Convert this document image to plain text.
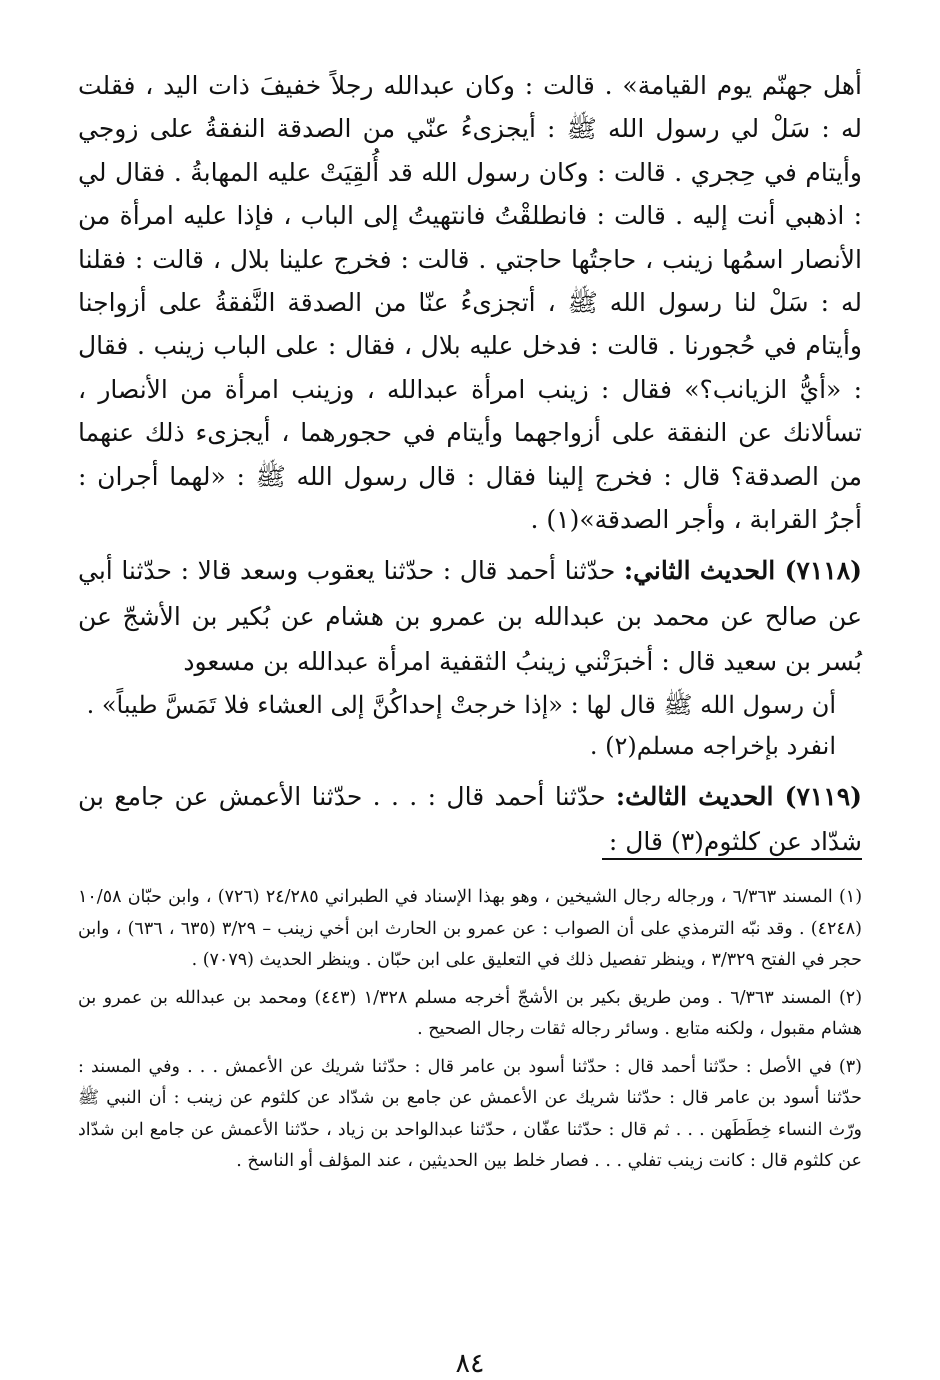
أهل جهنّم يوم القيامة» . قالت : وكان عبدالله رجلاً خفيفَ ذات اليد ، فقلت له : سَلْ لي رسول الله ﷺ : أيجزىءُ عنّي من الصدقة النفقةُ على زوجي وأيتام في حِجري . قالت : وكان رسول الله قد أُلقِيَتْ عليه المهابةُ . فقال لي : اذهبي أنت إليه . قالت : فانطلقْتُ فانتهيتُ إلى الباب ، فإذا عليه امرأة من الأنصار اسمُها زينب ، حاجتُها حاجتي . قالت : فخرج علينا بلال ، قالت : فقلنا له : سَلْ لنا رسول الله ﷺ ، أتجزىءُ عنّا من الصدقة النَّفقةُ على أزواجنا وأيتام في حُجورنا . قالت : فدخل عليه بلال ، فقال : على الباب زينب . فقال : «أيُّ الزيانب؟» فقال : زينب امرأة عبدالله ، وزينب امرأة من الأنصار ، تسألانك عن النفقة على أزواجهما وأيتام في حجورهما ، أيجزىء ذلك عنهما من الصدقة؟ قال : فخرج إلينا فقال : قال رسول الله ﷺ : «لهما أجران : أجرُ القرابة ، وأجر الصدقة»(١) .

(٧١١٨) الحديث الثاني: حدّثنا أحمد قال : حدّثنا يعقوب وسعد قالا : حدّثنا أبي عن صالح عن محمد بن عبدالله بن عمرو بن هشام عن بُكير بن الأشجّ عن بُسر بن سعيد قال : أخبرَتْني زينبُ الثقفية امرأة عبدالله بن مسعود

أن رسول الله ﷺ قال لها : «إذا خرجتْ إحداكُنَّ إلى العشاء فلا تَمَسَّ طيباً» .

انفرد بإخراجه مسلم(٢) .

(٧١١٩) الحديث الثالث: حدّثنا أحمد قال : . . . حدّثنا الأعمش عن جامع بن شدّاد عن كلثوم(٣) قال :

(١) المسند ٦/٣٦٣ ، ورجاله رجال الشيخين ، وهو بهذا الإسناد في الطبراني ٢٤/٢٨٥ (٧٢٦) ، وابن حبّان ١٠/٥٨ (٤٢٤٨) . وقد نبّه الترمذي على أن الصواب : عن عمرو بن الحارث ابن أخي زينب – ٣/٢٩ (٦٣٥ ، ٦٣٦) ، وابن حجر في الفتح ٣/٣٢٩ ، وينظر تفصيل ذلك في التعليق على ابن حبّان . وينظر الحديث (٧٠٧٩) .

(٢) المسند ٦/٣٦٣ . ومن طريق بكير بن الأشجّ أخرجه مسلم ١/٣٢٨ (٤٤٣) ومحمد بن عبدالله بن عمرو بن هشام مقبول ، ولكنه متابع . وسائر رجاله ثقات رجال الصحيح .

(٣) في الأصل : حدّثنا أحمد قال : حدّثنا أسود بن عامر قال : حدّثنا شريك عن الأعمش . . . وفي المسند : حدّثنا أسود بن عامر قال : حدّثنا شريك عن الأعمش عن جامع بن شدّاد عن كلثوم عن زينب : أن النبي ﷺ ورّث النساء خِطَطَهن . . . ثم قال : حدّثنا عفّان ، حدّثنا عبدالواحد بن زياد ، حدّثنا الأعمش عن جامع ابن شدّاد عن كلثوم قال : كانت زينب تفلي . . . فصار خلط بين الحديثين ، عند المؤلف أو الناسخ .

٨٤
